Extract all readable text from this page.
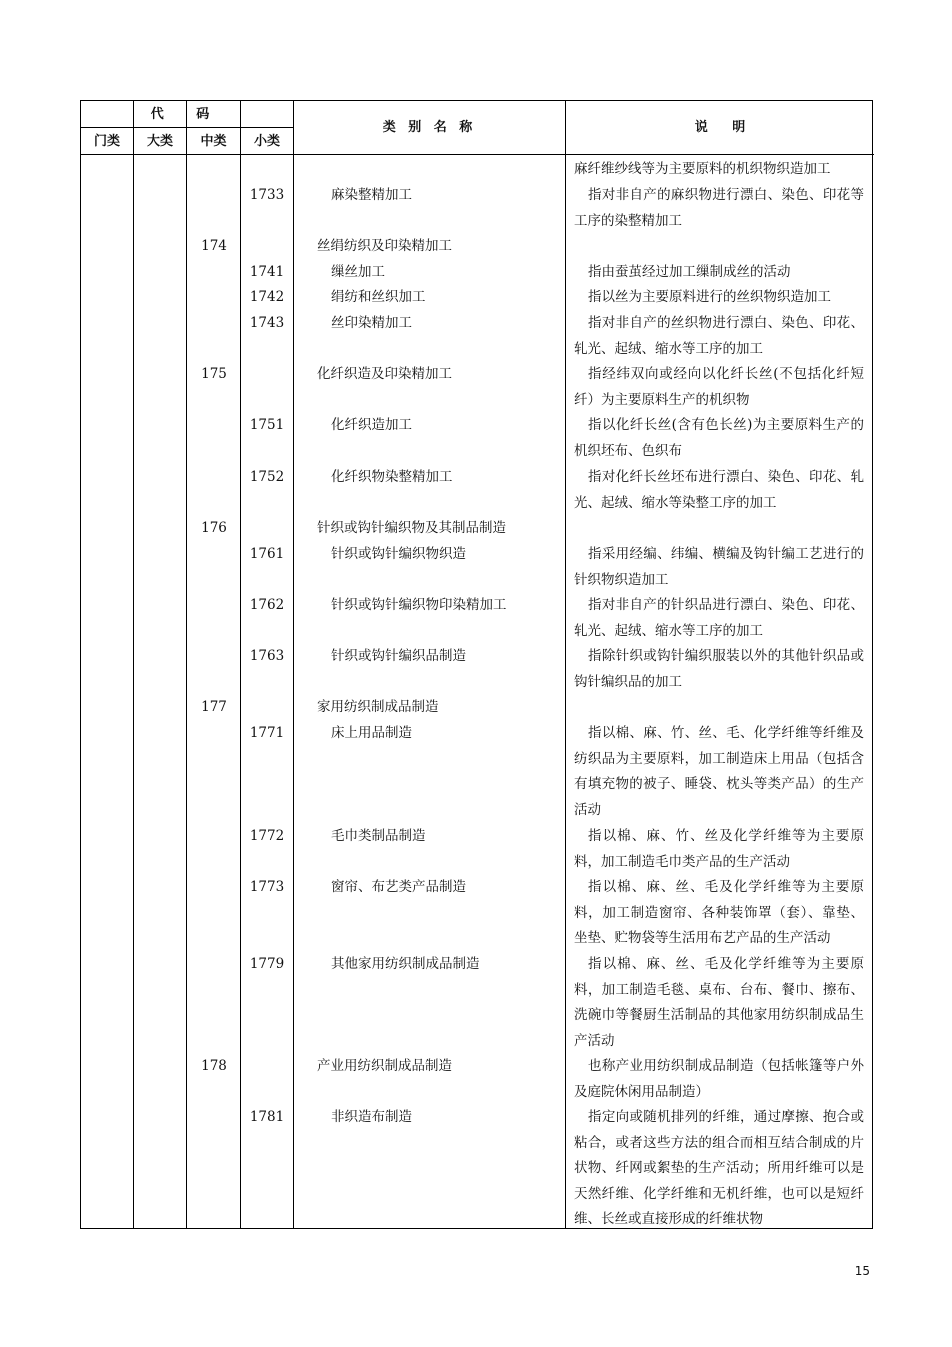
代 码
门类	大类	中类	小类
类 别 名 称	说 明
麻纤维纱线等为主要原料的机织物织造加工
1733	麻染整精加工	指对非自产的麻织物进行漂白、染色、印花等工序的染整精加工
174	丝绢纺织及印染精加工
1741	缫丝加工	指由蚕茧经过加工缫制成丝的活动
1742	绢纺和丝织加工	指以丝为主要原料进行的丝织物织造加工
1743	丝印染精加工	指对非自产的丝织物进行漂白、染色、印花、轧光、起绒、缩水等工序的加工
175	化纤织造及印染精加工	指经纬双向或经向以化纤长丝(不包括化纤短纤）为主要原料生产的机织物
1751	化纤织造加工	指以化纤长丝(含有色长丝)为主要原料生产的机织坯布、色织布
1752	化纤织物染整精加工	指对化纤长丝坯布进行漂白、染色、印花、轧光、起绒、缩水等染整工序的加工
176	针织或钩针编织物及其制品制造
1761	针织或钩针编织物织造	指采用经编、纬编、横编及钩针编工艺进行的针织物织造加工
1762	针织或钩针编织物印染精加工	指对非自产的针织品进行漂白、染色、印花、轧光、起绒、缩水等工序的加工
1763	针织或钩针编织品制造	指除针织或钩针编织服装以外的其他针织品或钩针编织品的加工
177	家用纺织制成品制造
1771	床上用品制造	指以棉、麻、竹、丝、毛、化学纤维等纤维及纺织品为主要原料，加工制造床上用品（包括含有填充物的被子、睡袋、枕头等类产品）的生产活动
1772	毛巾类制品制造	指以棉、麻、竹、丝及化学纤维等为主要原料，加工制造毛巾类产品的生产活动
1773	窗帘、布艺类产品制造	指以棉、麻、丝、毛及化学纤维等为主要原料，加工制造窗帘、各种装饰罩（套）、靠垫、坐垫、贮物袋等生活用布艺产品的生产活动
1779	其他家用纺织制成品制造	指以棉、麻、丝、毛及化学纤维等为主要原料，加工制造毛毯、桌布、台布、餐巾、擦布、洗碗巾等餐厨生活制品的其他家用纺织制成品生产活动
178	产业用纺织制成品制造	也称产业用纺织制成品制造（包括帐篷等户外及庭院休闲用品制造）
1781	非织造布制造	指定向或随机排列的纤维，通过摩擦、抱合或粘合，或者这些方法的组合而相互结合制成的片状物、纤网或絮垫的生产活动；所用纤维可以是天然纤维、化学纤维和无机纤维，也可以是短纤维、长丝或直接形成的纤维状物
15
